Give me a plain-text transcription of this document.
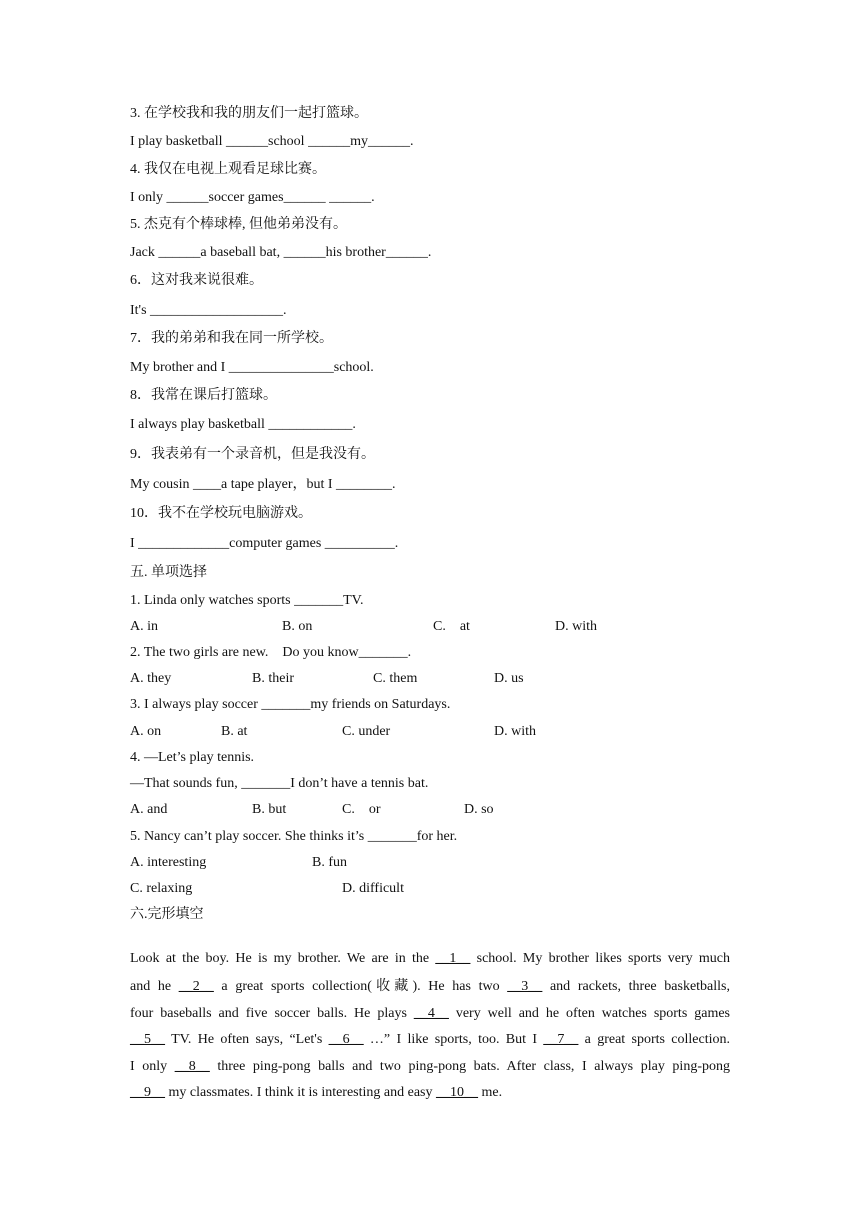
3. 在学校我和我的朋友们一起打篮球。
I play basketball ______school ______my______.
4. 我仅在电视上观看足球比赛。
I only ______soccer games______ ______.
5. 杰克有个棒球棒, 但他弟弟没有。
Jack ______a baseball bat, ______his brother______.
6．这对我来说很难。
It's ___________________.
7．我的弟弟和我在同一所学校。
My brother and I _______________school.
8．我常在课后打篮球。
I always play basketball ____________.
9．我表弟有一个录音机，但是我没有。
My cousin ____a tape player，but I ________.
10．我不在学校玩电脑游戏。
I _____________computer games __________.
五. 单项选择
1. Linda only watches sports _______TV.
A. in	B. on	C.    at	D. with
2. The two girls are new.    Do you know_______.
A. they	B. their	C. them	D. us
3. I always play soccer _______my friends on Saturdays.
A. on	B. at	C. under	D. with
4. —Let’s play tennis.
—That sounds fun, _______I don’t have a tennis bat.
A. and	B. but	C.    or	D. so
5. Nancy can’t play soccer. She thinks it’s _______for her.
A. interesting	B. fun
C. relaxing	D. difficult
六.完形填空
Look at the boy. He is my brother. We are in the __1__ school. My brother likes sports very much
and he __2__ a great sports collection(收藏). He has two __3__ and rackets, three basketballs,
four baseballs and five soccer balls. He plays __4__ very well and he often watches sports games
__5__ TV. He often says, “Let's __6__ …” I like sports, too. But I __7__ a great sports collection.
I only __8__ three ping-pong balls and two ping-pong bats. After class, I always play ping-pong
__9__ my classmates. I think it is interesting and easy __10__ me.
